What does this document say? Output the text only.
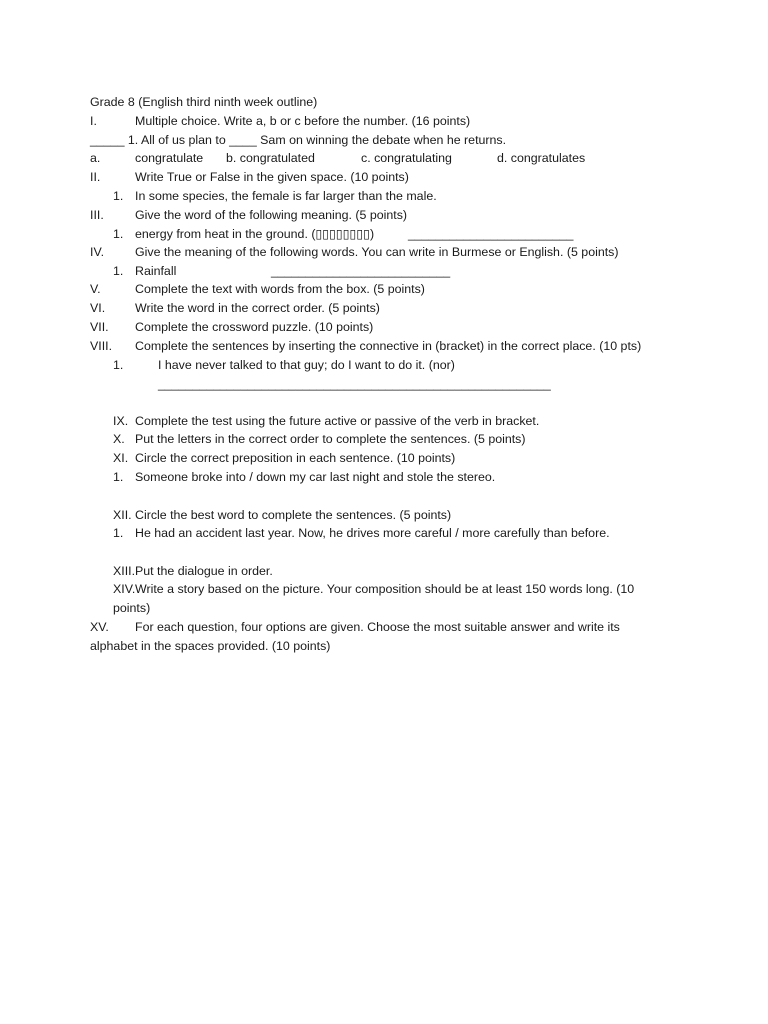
Grade 8 (English third ninth week outline)
I.	Multiple choice. Write a, b or c before the number. (16 points)
_____ 1. All of us plan to ____ Sam on winning the debate when he returns.
a.	congratulate b. congratulated	c. congratulating	d. congratulates
II.	Write True or False in the given space. (10 points)
1. In some species, the female is far larger than the male.
III.	Give the word of the following meaning. (5 points)
1. energy from heat in the ground. (▯▯▯▯▯▯▯▯)	________________________
IV. Give the meaning of the following words. You can write in Burmese or English. (5 points)
1. Rainfall	__________________________
V.	Complete the text with words from the box. (5 points)
VI. Write the word in the correct order. (5 points)
VII. Complete the crossword puzzle. (10 points)
VIII. Complete the sentences by inserting the connective in (bracket) in the correct place. (10 pts)
1.	I have never talked to that guy; do I want to do it. (nor)
_________________________________________________________
IX. Complete the test using the future active or passive of the verb in bracket.
X. Put the letters in the correct order to complete the sentences. (5 points)
XI. Circle the correct preposition in each sentence. (10 points)
1. Someone broke into / down my car last night and stole the stereo.
XII. Circle the best word to complete the sentences. (5 points)
1. He had an accident last year. Now, he drives more careful / more carefully than before.
XIII. Put the dialogue in order.
XIV. Write a story based on the picture. Your composition should be at least 150 words long. (10
points)
XV. For each question, four options are given. Choose the most suitable answer and write its
alphabet in the spaces provided. (10 points)
